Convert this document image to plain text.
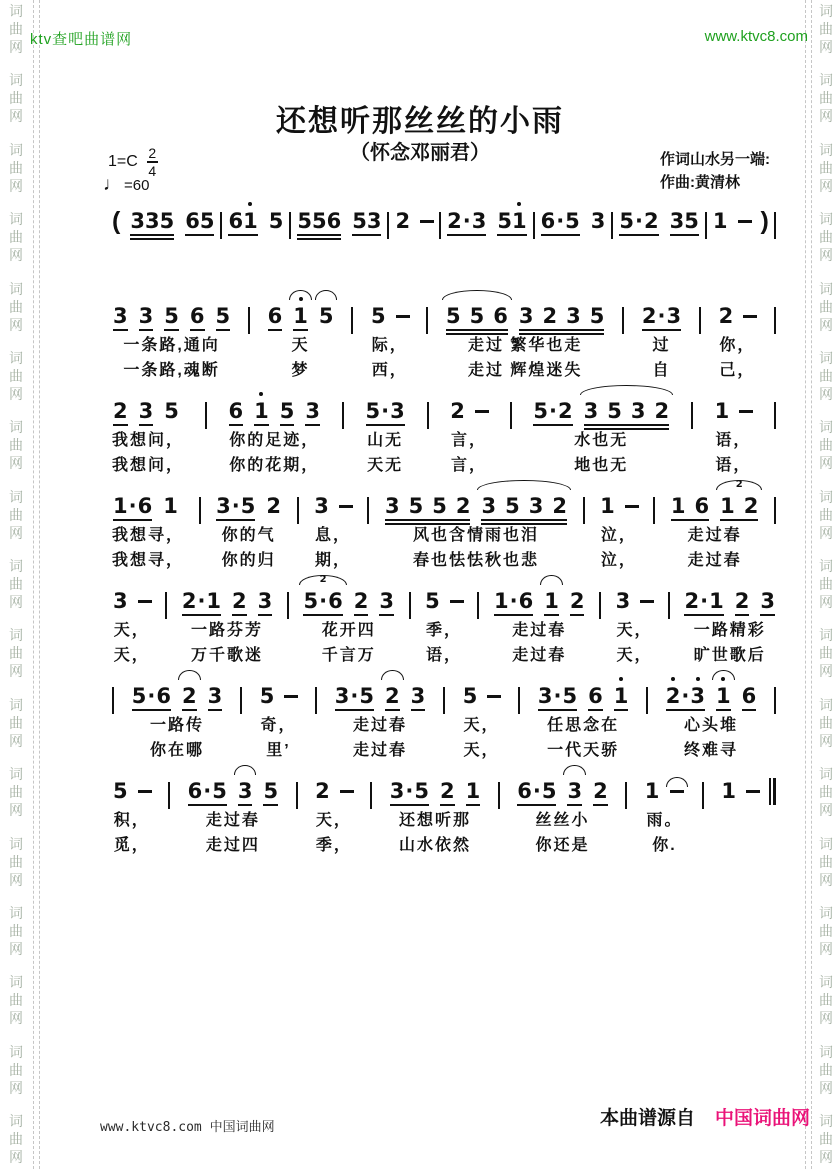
词
曲
网
词
曲
网
词
曲
网
词
曲
网
词
曲
网
词
曲
网
词
曲
网
词
曲
网
词
曲
网
词
曲
网
词
曲
网
词
曲
网
词
曲
网
词
曲
网
词
曲
网
词
曲
网
词
曲
网
词
曲
网
词
曲
网
词
曲
网
词
曲
网
词
曲
网
词
曲
网
词
曲
网
词
曲
网
词
曲
网
词
曲
网
词
曲
网
词
曲
网
词
曲
网
词
曲
网
词
曲
网
词
曲
网
词
曲
网
ktv查吧曲谱网	www.ktvc8.com
还想听那丝丝的小雨
（怀念邓丽君）	作词山水另一端:
作曲:黄清林
$1=C \frac{2}{4}$
♩ =60
( 3 3 5 6 5 6 1 5 5 5 6 5 3 2 2 · 3 5 1 6 · 5 3 5 · 2 3 5 1 )
3 3 5 6 5
一条路,通向
一条路,魂断
6 1 5
天
梦
5
际，
西，
5 5 6 3 2 3 5
走过 繁华也走
走过 辉煌迷失
2 · 3
过
自
2
你，
己，
2 3 5
我想问，
我想问，
6 1 5 3
你的足迹，
你的花期，
5 · 3
山无
天无
2
言，
言，
5 · 2 3 5 3 2
水也无
地也无
1
语，
语，
1 · 6 1
我想寻，
我想寻，
3 · 5 2
你的气
你的归
3
息，
期，
3 5 5 2 3 5 3 2
风也含情雨也泪
春也怯怯秋也悲
1
泣，
泣，
1 6 1 2
2
走过春
走过春
3
天，
天，
2 · 1 2 3
一路芬芳
万千歌迷
5 · 6
2 2 3
花开四
千言万
5
季，
语，
1 · 6 1 2
走过春
走过春
3
天，
天，
2 · 1 2 3
一路精彩
旷世歌后
5 · 6 2 3
一路传
你在哪
5
奇，
里’
3 · 5 2 3
走过春
走过春
5
天，
天，
3 · 5 6 1
任思念在
一代天骄
2 · 3 1 6
心头堆
终难寻
5
积，
觅，
6 · 5 3 5
走过春
走过四
2
天，
季，
3 · 5 2 1
还想听那
山水依然
6 · 5 3 2
丝丝小
你还是
1
雨。
你.
1
www.ktvc8.com 中国词曲网	本曲谱源自 中国词曲网
